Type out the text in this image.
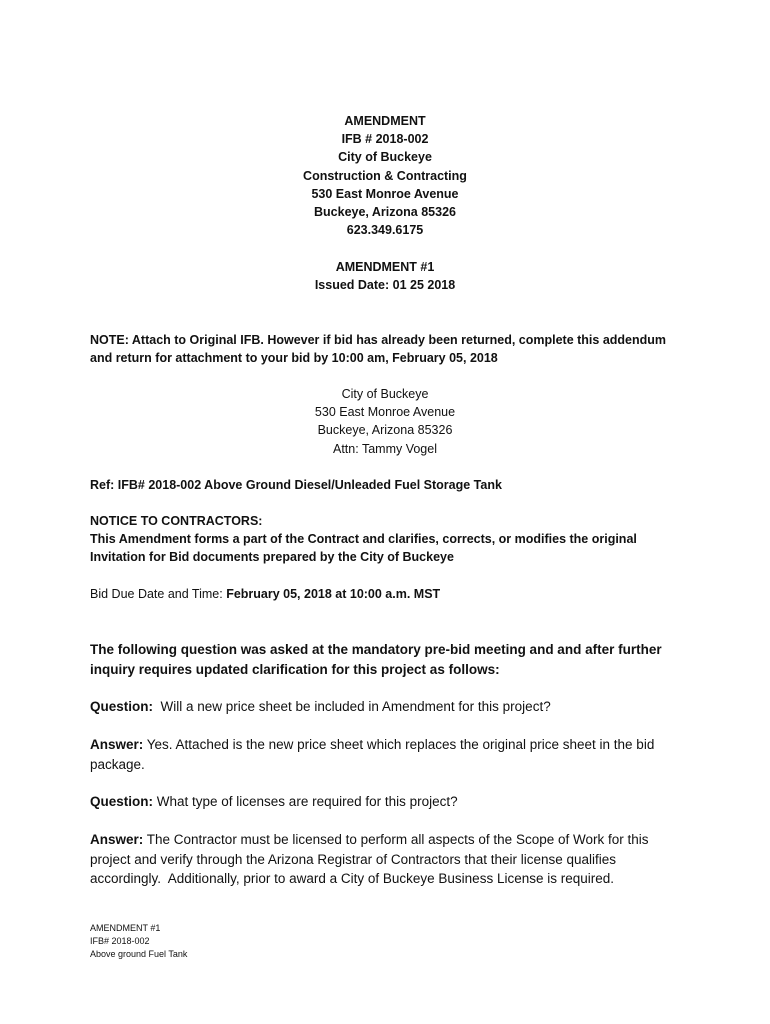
AMENDMENT
IFB # 2018-002
City of Buckeye
Construction & Contracting
530 East Monroe Avenue
Buckeye, Arizona 85326
623.349.6175
AMENDMENT #1
Issued Date: 01 25 2018
NOTE: Attach to Original IFB. However if bid has already been returned, complete this addendum
and return for attachment to your bid by 10:00 am, February 05, 2018
City of Buckeye
530 East Monroe Avenue
Buckeye, Arizona 85326
Attn: Tammy Vogel
Ref: IFB# 2018-002 Above Ground Diesel/Unleaded Fuel Storage Tank
NOTICE TO CONTRACTORS:
This Amendment forms a part of the Contract and clarifies, corrects, or modifies the original
Invitation for Bid documents prepared by the City of Buckeye
Bid Due Date and Time: February 05, 2018 at 10:00 a.m. MST
The following question was asked at the mandatory pre-bid meeting and and after further
inquiry requires updated clarification for this project as follows:
Question:  Will a new price sheet be included in Amendment for this project?
Answer: Yes. Attached is the new price sheet which replaces the original price sheet in the bid
package.
Question: What type of licenses are required for this project?
Answer: The Contractor must be licensed to perform all aspects of the Scope of Work for this
project and verify through the Arizona Registrar of Contractors that their license qualifies
accordingly.  Additionally, prior to award a City of Buckeye Business License is required.
AMENDMENT #1
IFB# 2018-002
Above ground Fuel Tank
